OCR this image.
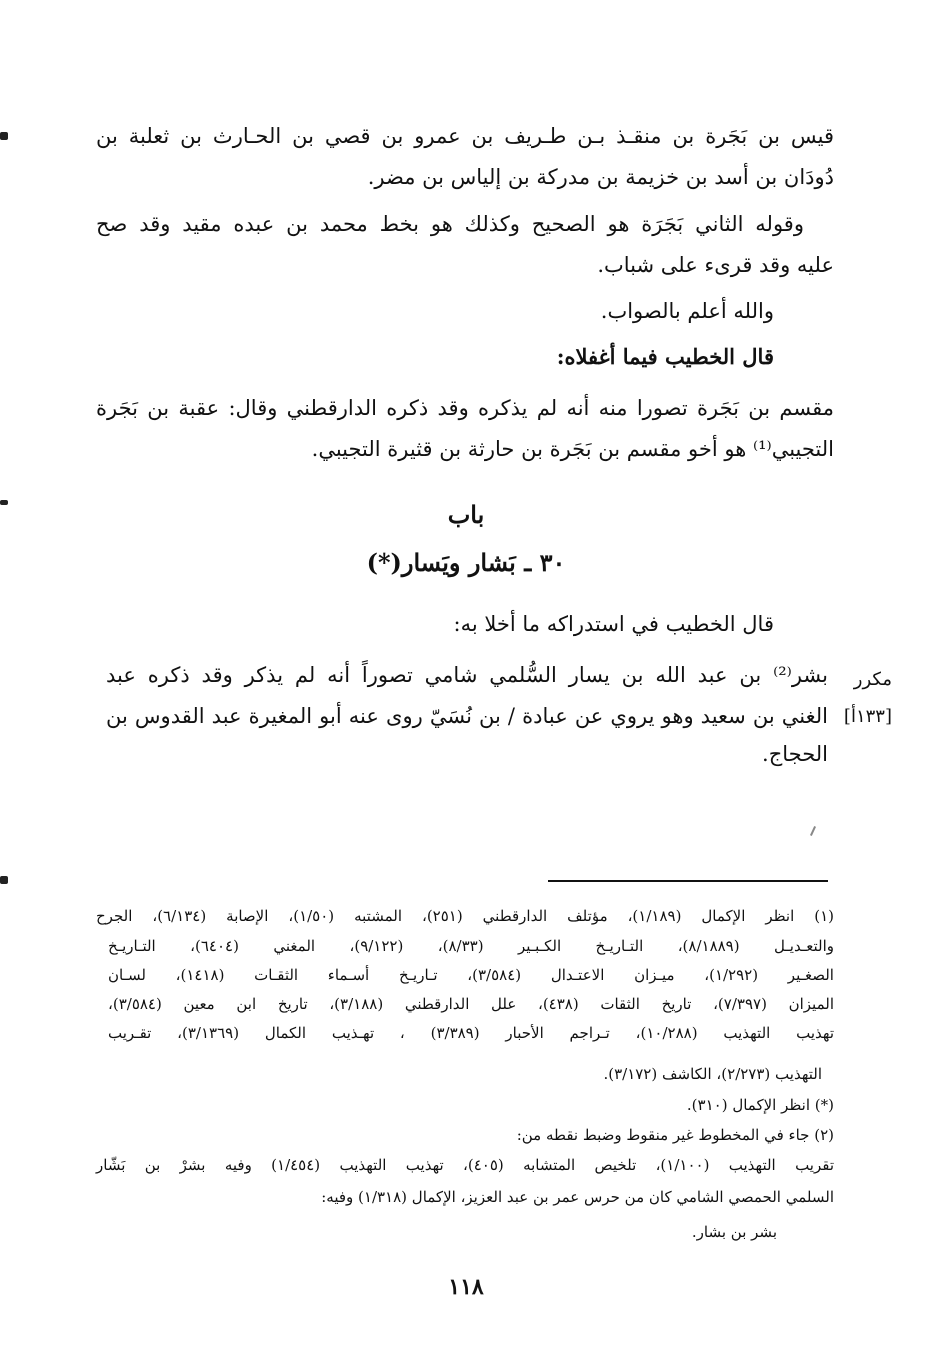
قيس بن بَجَرة بن منقـذ بـن طـريف بن عمرو بن قصي بن الحـارث بن ثعلبة بن
دُودَان بن أسد بن خزيمة بن مدركة بن إلياس بن مضر.
وقوله الثاني بَجَرَة هو الصحيح وكذلك هو بخط محمد بن عبده مقيد وقد صح
عليه وقد قرىء على شباب.
والله أعلم بالصواب.
قال الخطيب فيما أغفلاه:
مقسم بن بَجَرة تصورا منه أنه لم يذكره وقد ذكره الدارقطني وقال: عقبة بن بَجَرة
التجيبي⁽¹⁾ هو أخو مقسم بن بَجَرة بن حارثة بن قثيرة التجيبي.
باب
٣٠ ـ بَشار ويَسار(*)
قال الخطيب في استدراكه ما أخلا به:
بشر⁽²⁾ بن عبد الله بن يسار السُّلمي شامي تصوراً أنه لم يذكر وقد ذكره عبد
الغني بن سعيد وهو يروي عن عبادة / بن نُسَيّ روى عنه أبو المغيرة عبد القدوس بن
الحجاج.
مكرر
[١٣٣أ]
(١) انظر الإكمال (١/١٨٩)، مؤتلف الدارقطني (٢٥١)، المشتبه (١/٥٠)، الإصابة (٦/١٣٤)، الجرح
والتعـديـل (٨/١٨٨٩)، التـاريـخ الكـبـير (٨/٣٣)، (٩/١٢٢)، المغني (٦٤٠٤)، التـاريـخ
الصغـير (١/٢٩٢)، ميـزان الاعتـدال (٣/٥٨٤)، تـاريـخ أسـماء الثقـات (١٤١٨)، لسـان
الميزان (٧/٣٩٧)، تاريخ الثقات (٤٣٨)، علل الدارقطني (٣/١٨٨)، تاريخ ابن معين (٣/٥٨٤)،
تهذيب التهذيب (١٠/٢٨٨)، تـراجم الأحبار (٣/٣٨٩) ، تهـذيب الكمال (٣/١٣٦٩)، تقـريب
التهذيب (٢/٢٧٣)، الكاشف (٣/١٧٢).
(*) انظر الإكمال (٣١٠).
(٢) جاء في المخطوط غير منقوط وضبط نقطه من:
تقريب التهذيب (١/١٠٠)، تلخيص المتشابه (٤٠٥)، تهذيب التهذيب (١/٤٥٤) وفيه بشرْ بن بَشّار
السلمي الحمصي الشامي كان من حرس عمر بن عبد العزيز، الإكمال (١/٣١٨) وفيه:
بشر بن بشار.
١١٨
